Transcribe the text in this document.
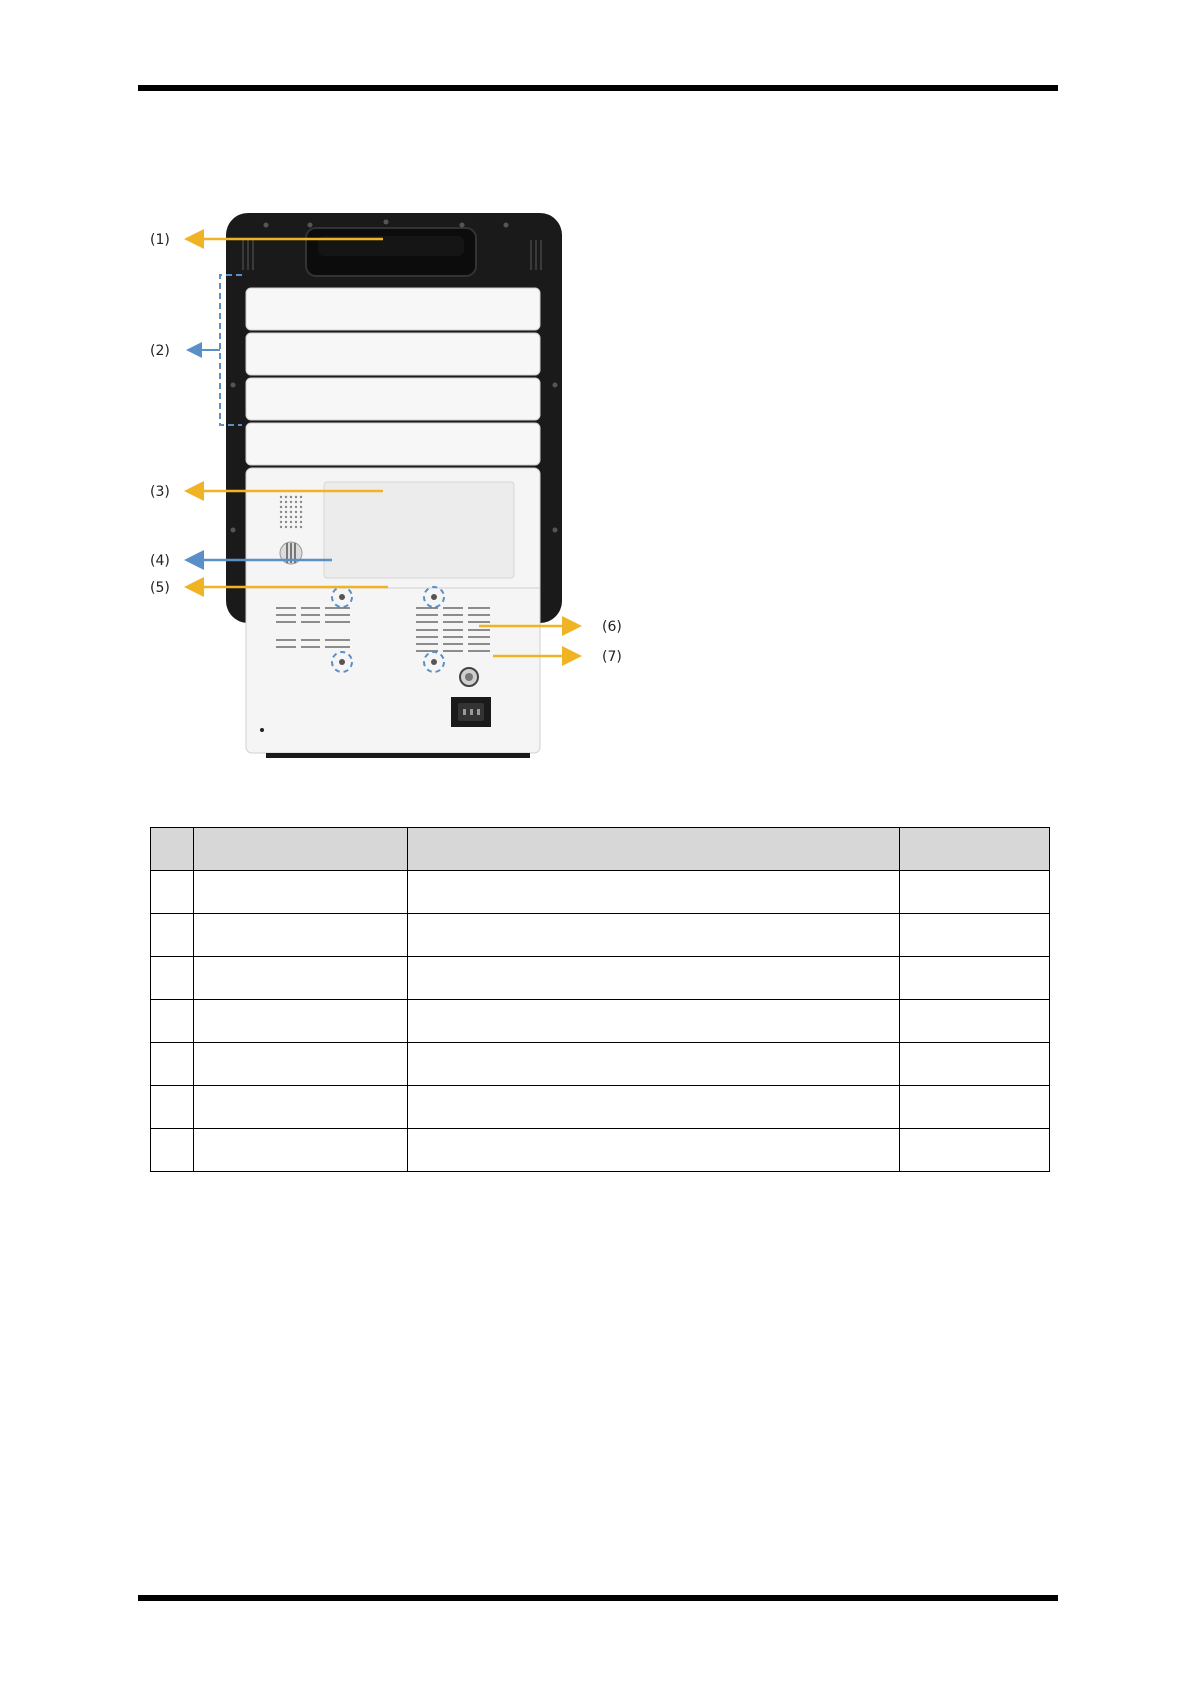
(1)
(2)
(3)
(4)
(5)
(6)
(7)
